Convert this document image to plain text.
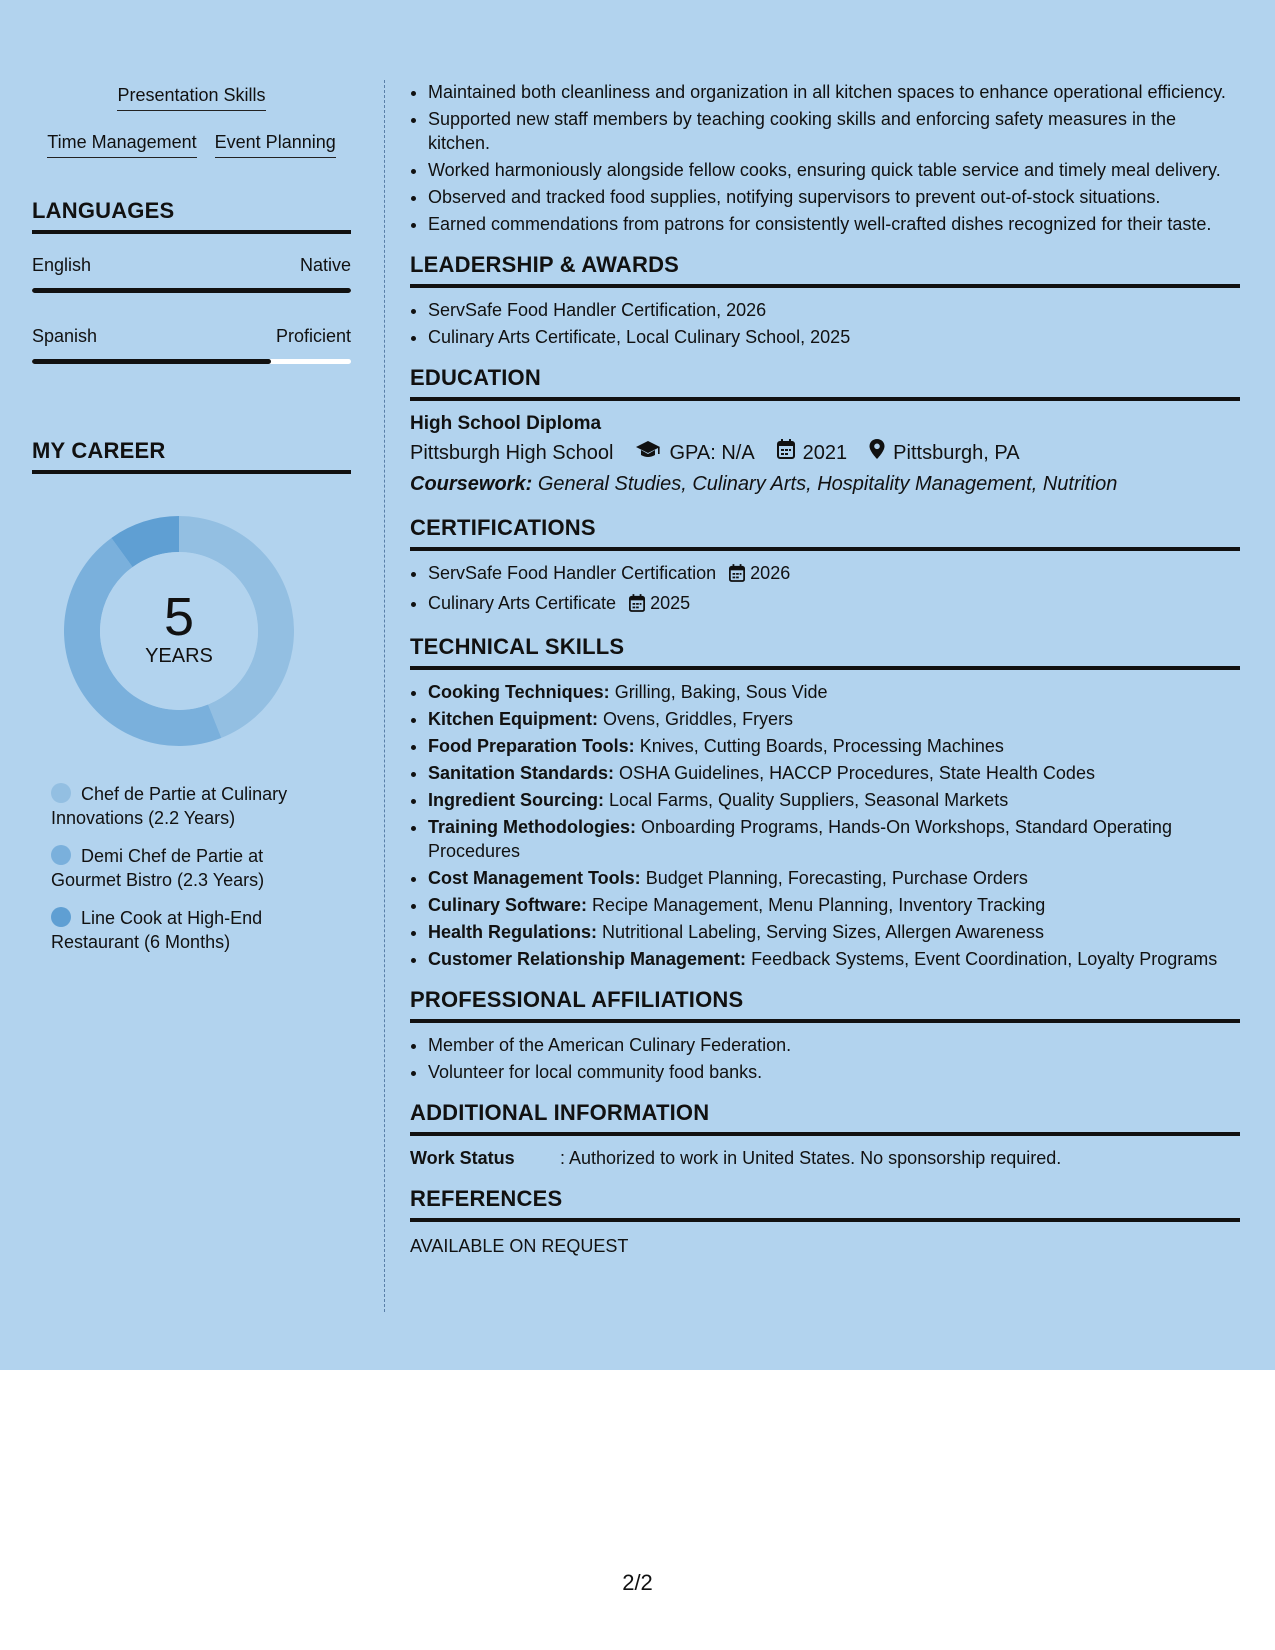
Presentation Skills
Time Management Event Planning
LANGUAGES
English	Native
Spanish	Proficient
MY CAREER
5
YEARS
Chef de Partie at Culinary Innovations (2.2 Years)
Demi Chef de Partie at Gourmet Bistro (2.3 Years)
Line Cook at High-End Restaurant (6 Months)
• Maintained both cleanliness and organization in all kitchen spaces to enhance operational efficiency.
• Supported new staff members by teaching cooking skills and enforcing safety measures in the kitchen.
• Worked harmoniously alongside fellow cooks, ensuring quick table service and timely meal delivery.
• Observed and tracked food supplies, notifying supervisors to prevent out-of-stock situations.
• Earned commendations from patrons for consistently well-crafted dishes recognized for their taste.
LEADERSHIP & AWARDS
• ServSafe Food Handler Certification, 2026
• Culinary Arts Certificate, Local Culinary School, 2025
EDUCATION
High School Diploma
Pittsburgh High School	GPA: N/A 2021 Pittsburgh, PA
Coursework: General Studies, Culinary Arts, Hospitality Management, Nutrition
CERTIFICATIONS
• ServSafe Food Handler Certification 2026
• Culinary Arts Certificate 2025
TECHNICAL SKILLS
• Cooking Techniques: Grilling, Baking, Sous Vide
• Kitchen Equipment: Ovens, Griddles, Fryers
• Food Preparation Tools: Knives, Cutting Boards, Processing Machines
• Sanitation Standards: OSHA Guidelines, HACCP Procedures, State Health Codes
• Ingredient Sourcing: Local Farms, Quality Suppliers, Seasonal Markets
• Training Methodologies: Onboarding Programs, Hands-On Workshops, Standard Operating Procedures
• Cost Management Tools: Budget Planning, Forecasting, Purchase Orders
• Culinary Software: Recipe Management, Menu Planning, Inventory Tracking
• Health Regulations: Nutritional Labeling, Serving Sizes, Allergen Awareness
• Customer Relationship Management: Feedback Systems, Event Coordination, Loyalty Programs
PROFESSIONAL AFFILIATIONS
• Member of the American Culinary Federation.
• Volunteer for local community food banks.
ADDITIONAL INFORMATION
Work Status	: Authorized to work in United States. No sponsorship required.
REFERENCES
AVAILABLE ON REQUEST
2/2
